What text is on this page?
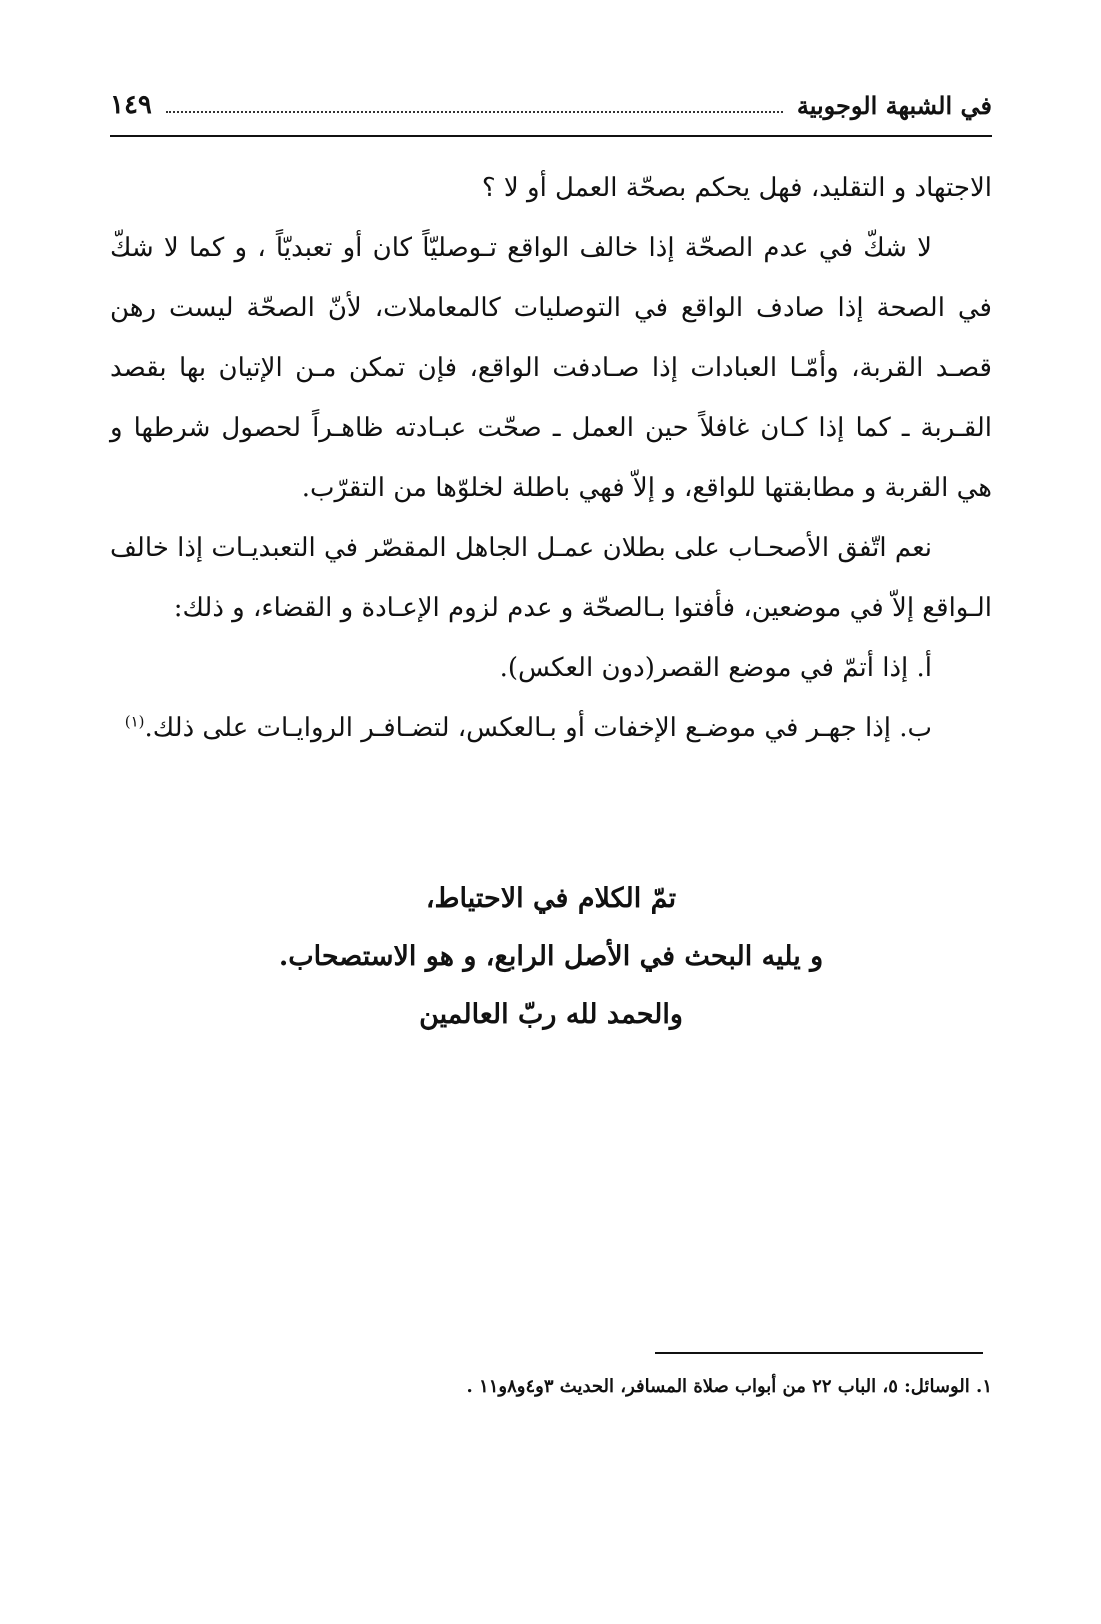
في الشبهة الوجوبية
١٤٩

الاجتهاد و التقليد، فهل يحكم بصحّة العمل أو لا ؟

لا شكّ في عدم الصحّة إذا خالف الواقع تـوصليّاً كان أو تعبديّاً ، و كما لا شكّ في الصحة إذا صادف الواقع في التوصليات كالمعاملات، لأنّ الصحّة ليست رهن قصـد القربة، وأمّـا العبادات إذا صـادفت الواقع، فإن تمكن مـن الإتيان بها بقصد القـربة ـ كما إذا كـان غافلاً حين العمل ـ صحّت عبـادته ظاهـراً لحصول شرطها و هي القربة و مطابقتها للواقع، و إلاّ فهي باطلة لخلوّها من التقرّب.

نعم اتّفق الأصحـاب على بطلان عمـل الجاهل المقصّر في التعبديـات إذا خالف الـواقع إلاّ في موضعين، فأفتوا بـالصحّة و عدم لزوم الإعـادة و القضاء، و ذلك:

أ. إذا أتمّ في موضع القصر(دون العكس).

ب. إذا جهـر في موضـع الإخفات أو بـالعكس، لتضـافـر الروايـات على ذلك.$^{(١)}$

تمّ الكلام في الاحتياط،
و يليه البحث في الأصل الرابع، و هو الاستصحاب.
والحمد لله ربّ العالمين
١. الوسائل: ٥، الباب ٢٢ من أبواب صلاة المسافر، الحديث ٣و٤و٨و١١ .
